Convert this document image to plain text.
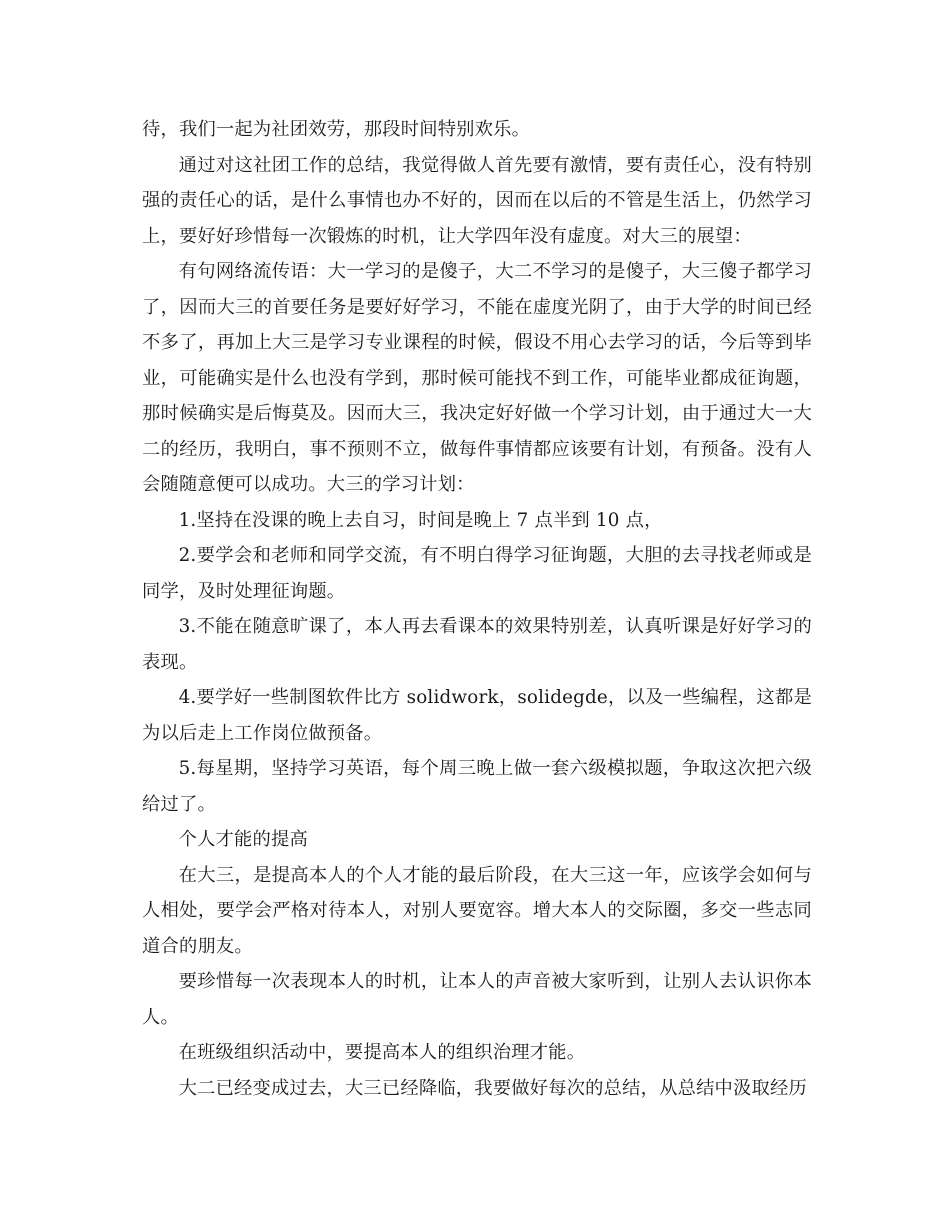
待，我们一起为社团效劳，那段时间特别欢乐。

通过对这社团工作的总结，我觉得做人首先要有激情，要有责任心，没有特别强的责任心的话，是什么事情也办不好的，因而在以后的不管是生活上，仍然学习上，要好好珍惜每一次锻炼的时机，让大学四年没有虚度。对大三的展望：

有句网络流传语：大一学习的是傻子，大二不学习的是傻子，大三傻子都学习了，因而大三的首要任务是要好好学习，不能在虚度光阴了，由于大学的时间已经不多了，再加上大三是学习专业课程的时候，假设不用心去学习的话，今后等到毕业，可能确实是什么也没有学到，那时候可能找不到工作，可能毕业都成征询题，那时候确实是后悔莫及。因而大三，我决定好好做一个学习计划，由于通过大一大二的经历，我明白，事不预则不立，做每件事情都应该要有计划，有预备。没有人会随随意便可以成功。大三的学习计划：

1.坚持在没课的晚上去自习，时间是晚上 7 点半到 10 点，

2.要学会和老师和同学交流，有不明白得学习征询题，大胆的去寻找老师或是同学，及时处理征询题。

3.不能在随意旷课了，本人再去看课本的效果特别差，认真听课是好好学习的表现。

4.要学好一些制图软件比方 solidwork，solidegde，以及一些编程，这都是为以后走上工作岗位做预备。

5.每星期，坚持学习英语，每个周三晚上做一套六级模拟题，争取这次把六级给过了。

个人才能的提高

在大三，是提高本人的个人才能的最后阶段，在大三这一年，应该学会如何与人相处，要学会严格对待本人，对别人要宽容。增大本人的交际圈，多交一些志同道合的朋友。

要珍惜每一次表现本人的时机，让本人的声音被大家听到，让别人去认识你本人。

在班级组织活动中，要提高本人的组织治理才能。

大二已经变成过去，大三已经降临，我要做好每次的总结，从总结中汲取经历
